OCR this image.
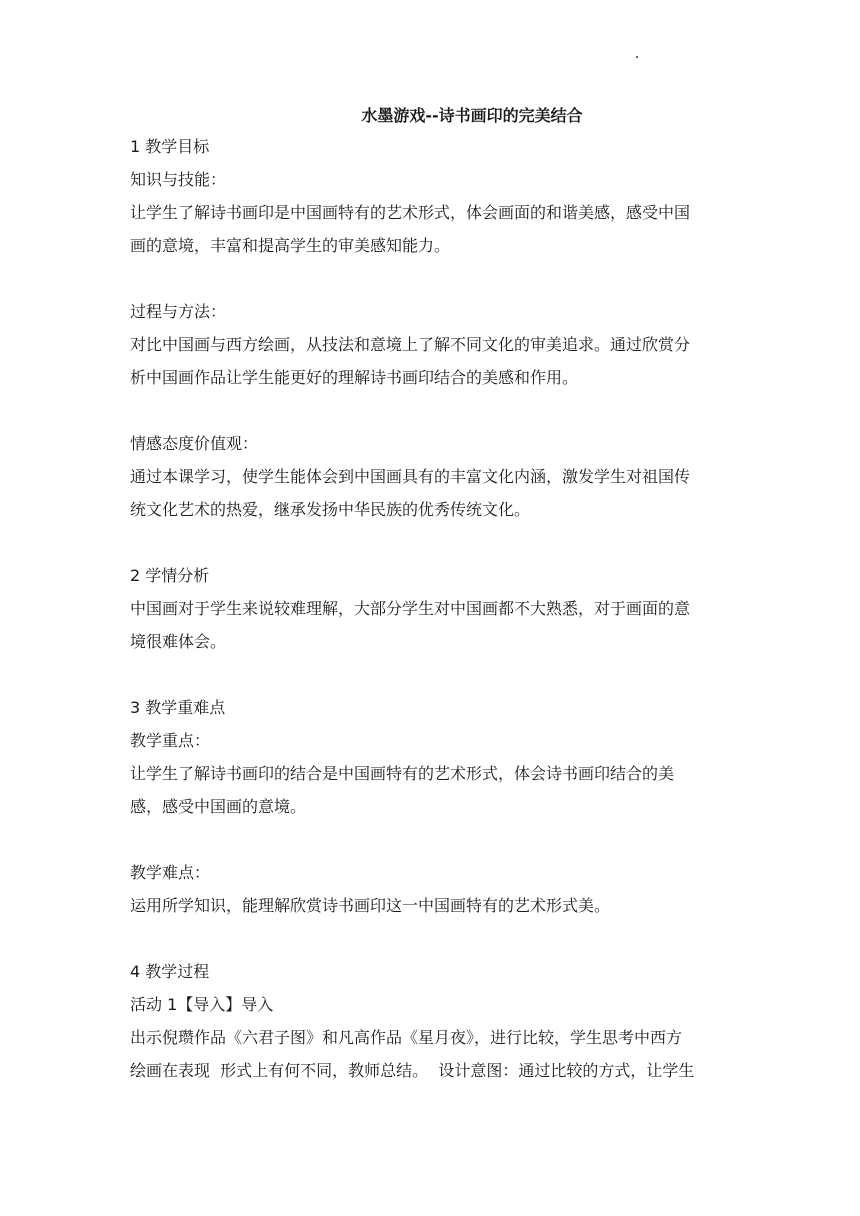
水墨游戏--诗书画印的完美结合

1 教学目标

知识与技能：

让学生了解诗书画印是中国画特有的艺术形式，体会画面的和谐美感，感受中国

画的意境，丰富和提高学生的审美感知能力。

过程与方法：

对比中国画与西方绘画，从技法和意境上了解不同文化的审美追求。通过欣赏分

析中国画作品让学生能更好的理解诗书画印结合的美感和作用。

情感态度价值观：

通过本课学习，使学生能体会到中国画具有的丰富文化内涵，激发学生对祖国传

统文化艺术的热爱，继承发扬中华民族的优秀传统文化。

2 学情分析

中国画对于学生来说较难理解，大部分学生对中国画都不大熟悉，对于画面的意

境很难体会。

3 教学重难点

教学重点：

让学生了解诗书画印的结合是中国画特有的艺术形式，体会诗书画印结合的美

感，感受中国画的意境。

教学难点：

运用所学知识，能理解欣赏诗书画印这一中国画特有的艺术形式美。

4 教学过程

活动 1【导入】导入

出示倪瓒作品《六君子图》和凡高作品《星月夜》，进行比较，学生思考中西方

绘画在表现  形式上有何不同，教师总结。  设计意图：通过比较的方式，让学生
